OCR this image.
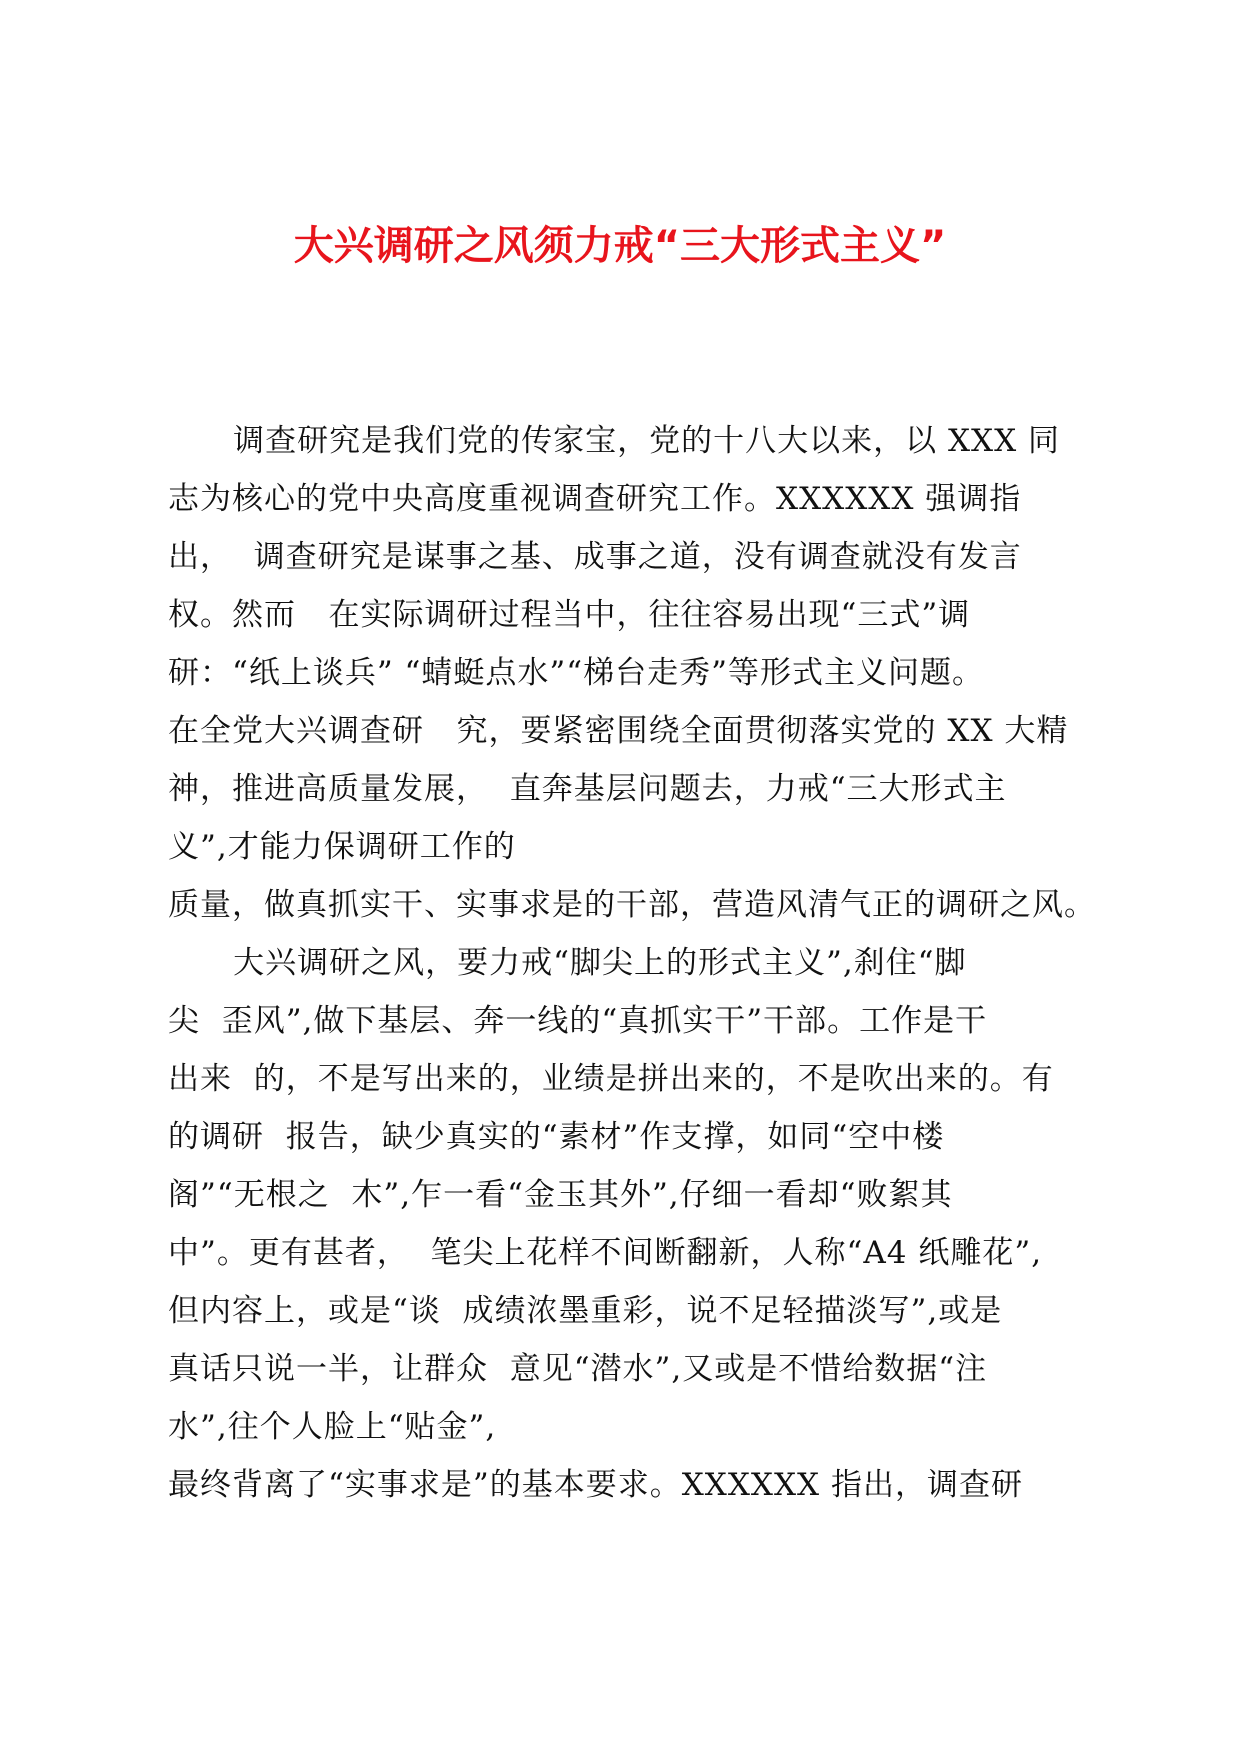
大兴调研之风须力戒“三大形式主义”
调查研究是我们党的传家宝，党的十八大以来，以 XXX 同
志为核心的党中央高度重视调查研究工作。XXXXXX 强调指
出，  调查研究是谋事之基、成事之道，没有调查就没有发言
权。然而   在实际调研过程当中，往往容易出现“三式”调
研：“纸上谈兵” “蜻蜓点水”“梯台走秀”等形式主义问题。
在全党大兴调查研   究，要紧密围绕全面贯彻落实党的 XX 大精
神，推进高质量发展，  直奔基层问题去，力戒“三大形式主
义”,才能力保调研工作的
质量，做真抓实干、实事求是的干部，营造风清气正的调研之风。
大兴调研之风，要力戒“脚尖上的形式主义”,刹住“脚
尖  歪风”,做下基层、奔一线的“真抓实干”干部。工作是干
出来  的，不是写出来的，业绩是拼出来的，不是吹出来的。有
的调研  报告，缺少真实的“素材”作支撑，如同“空中楼
阁”“无根之  木”,乍一看“金玉其外”,仔细一看却“败絮其
中”。更有甚者，  笔尖上花样不间断翻新，人称“A4 纸雕花”,
但内容上，或是“谈  成绩浓墨重彩，说不足轻描淡写”,或是
真话只说一半，让群众  意见“潜水”,又或是不惜给数据“注
水”,往个人脸上“贴金”,
最终背离了“实事求是”的基本要求。XXXXXX 指出，调查研
